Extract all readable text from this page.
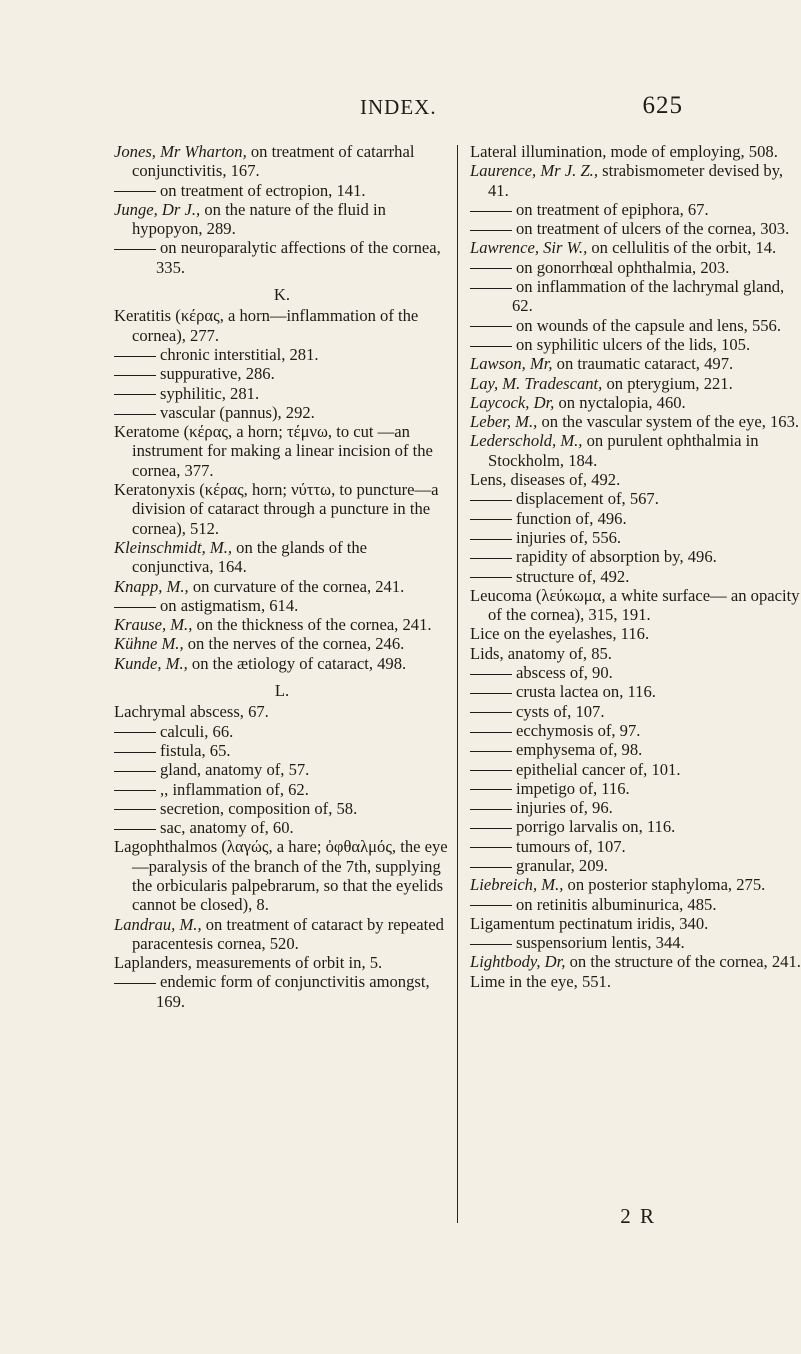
INDEX.	625

Jones, Mr Wharton, on treatment of catarrhal conjunctivitis, 167.

on treatment of ectropion, 141.

Junge, Dr J., on the nature of the fluid in hypopyon, 289.

on neuroparalytic affections of the cornea, 335.

K.

Keratitis (κέρας, a horn—inflammation of the cornea), 277.

chronic interstitial, 281.

suppurative, 286.

syphilitic, 281.

vascular (pannus), 292.

Keratome (κέρας, a horn; τέμνω, to cut —an instrument for making a linear incision of the cornea, 377.

Keratonyxis (κέρας, horn; νύττω, to puncture—a division of cataract through a puncture in the cornea), 512.

Kleinschmidt, M., on the glands of the conjunctiva, 164.

Knapp, M., on curvature of the cornea, 241.

on astigmatism, 614.

Krause, M., on the thickness of the cornea, 241.

Kühne M., on the nerves of the cornea, 246.

Kunde, M., on the ætiology of cataract, 498.

L.

Lachrymal abscess, 67.

calculi, 66.

fistula, 65.

gland, anatomy of, 57.

,, inflammation of, 62.

secretion, composition of, 58.

sac, anatomy of, 60.

Lagophthalmos (λαγώς, a hare; ὀφθαλμός, the eye—paralysis of the branch of the 7th, supplying the orbicularis palpebrarum, so that the eyelids cannot be closed), 8.

Landrau, M., on treatment of cataract by repeated paracentesis cornea, 520.

Laplanders, measurements of orbit in, 5.

endemic form of conjunctivitis amongst, 169.

Lateral illumination, mode of employing, 508.

Laurence, Mr J. Z., strabismometer devised by, 41.

on treatment of epiphora, 67.

on treatment of ulcers of the cornea, 303.

Lawrence, Sir W., on cellulitis of the orbit, 14.

on gonorrhœal ophthalmia, 203.

on inflammation of the lachrymal gland, 62.

on wounds of the capsule and lens, 556.

on syphilitic ulcers of the lids, 105.

Lawson, Mr, on traumatic cataract, 497.

Lay, M. Tradescant, on pterygium, 221.

Laycock, Dr, on nyctalopia, 460.

Leber, M., on the vascular system of the eye, 163.

Lederschold, M., on purulent ophthalmia in Stockholm, 184.

Lens, diseases of, 492.

displacement of, 567.

function of, 496.

injuries of, 556.

rapidity of absorption by, 496.

structure of, 492.

Leucoma (λεύκωμα, a white surface— an opacity of the cornea), 315, 191.

Lice on the eyelashes, 116.

Lids, anatomy of, 85.

abscess of, 90.

crusta lactea on, 116.

cysts of, 107.

ecchymosis of, 97.

emphysema of, 98.

epithelial cancer of, 101.

impetigo of, 116.

injuries of, 96.

porrigo larvalis on, 116.

tumours of, 107.

granular, 209.

Liebreich, M., on posterior staphyloma, 275.

on retinitis albuminurica, 485.

Ligamentum pectinatum iridis, 340.

suspensorium lentis, 344.

Lightbody, Dr, on the structure of the cornea, 241.

Lime in the eye, 551.

2 R
